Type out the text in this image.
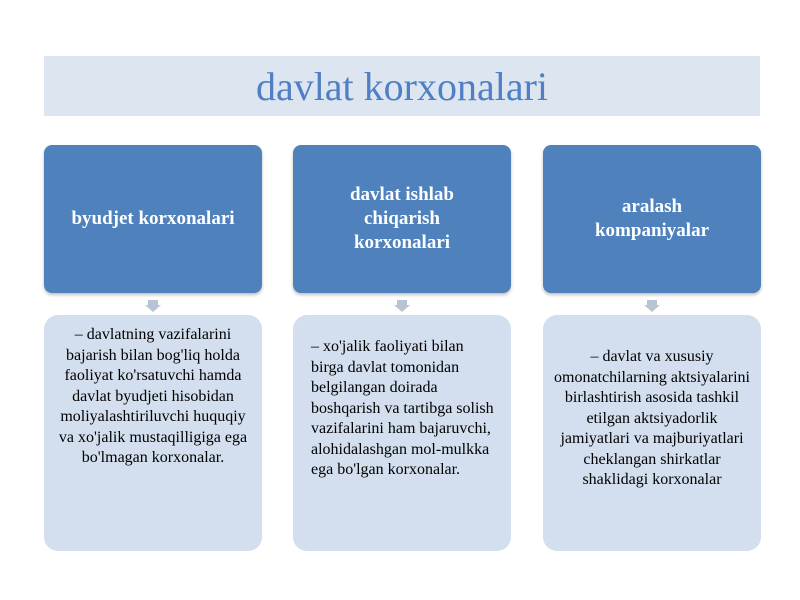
davlat korxonalari
byudjet korxonalari
– davlatning vazifalarini bajarish bilan bog'liq holda faoliyat ko'rsatuvchi hamda davlat byudjeti hisobidan moliyalashtiriluvchi huquqiy va xo'jalik mustaqilligiga ega bo'lmagan korxonalar.
davlat ishlab chiqarish korxonalari
– xo'jalik faoliyati bilan birga davlat tomonidan belgilangan doirada boshqarish va tartibga solish vazifalarini ham bajaruvchi, alohidalashgan mol-mulkka ega bo'lgan korxonalar.
aralash kompaniyalar
– davlat va xususiy omonatchilarning aktsiyalarini birlashtirish asosida tashkil etilgan aktsiyadorlik jamiyatlari va majburiyatlari cheklangan shirkatlar shaklidagi korxonalar
